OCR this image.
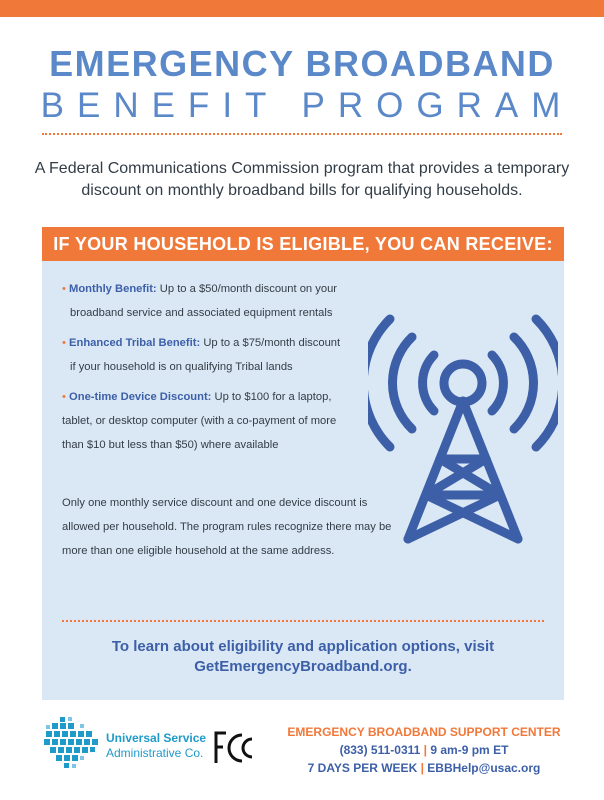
EMERGENCY BROADBAND
BENEFIT PROGRAM
A Federal Communications Commission program that provides a temporary discount on monthly broadband bills for qualifying households.
IF YOUR HOUSEHOLD IS ELIGIBLE, YOU CAN RECEIVE:
• Monthly Benefit: Up to a $50/month discount on your
broadband service and associated equipment rentals
• Enhanced Tribal Benefit: Up to a $75/month discount
if your household is on qualifying Tribal lands
• One-time Device Discount: Up to $100 for a laptop,
tablet, or desktop computer (with a co-payment of more
than $10 but less than $50) where available
Only one monthly service discount and one device discount is allowed per household. The program rules recognize there may be more than one eligible household at the same address.
To learn about eligibility and application options, visit
GetEmergencyBroadband.org.
Universal Service
Administrative Co.
EMERGENCY BROADBAND SUPPORT CENTER
(833) 511-0311 | 9 am-9 pm ET
7 DAYS PER WEEK | EBBHelp@usac.org
